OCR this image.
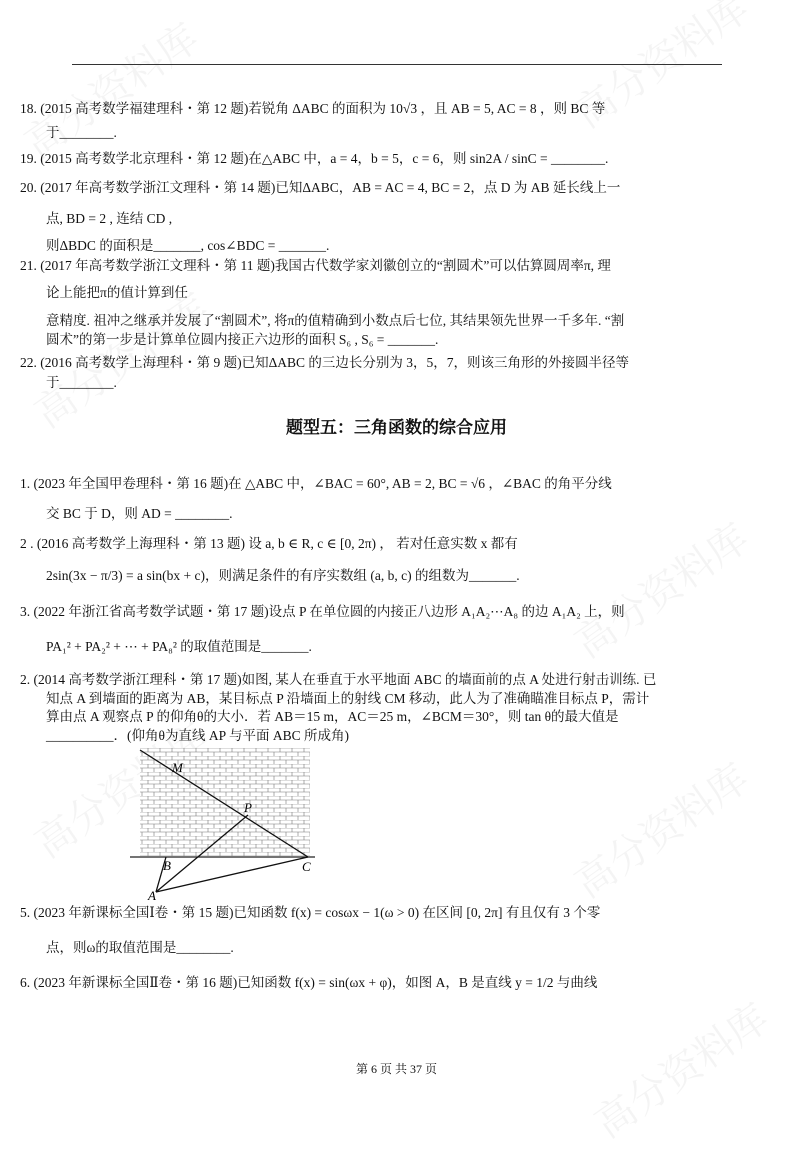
18. (2015 高考数学福建理科・第 12 题)若锐角 ΔABC 的面积为 10√3 ，且 AB = 5, AC = 8 ，则 BC 等
于________.
19. (2015 高考数学北京理科・第 12 题)在△ABC 中，a = 4，b = 5，c = 6，则 sin2A / sinC = ________.
20. (2017 年高考数学浙江文理科・第 14 题)已知ΔABC，AB = AC = 4, BC = 2，点 D 为 AB 延长线上一
点, BD = 2 , 连结 CD ,
则ΔBDC 的面积是_______, cos∠BDC = _______.
21. (2017 年高考数学浙江文理科・第 11 题)我国古代数学家刘徽创立的“割圆术”可以估算圆周率π, 理
论上能把π的值计算到任
意精度. 祖冲之继承并发展了“割圆术”, 将π的值精确到小数点后七位, 其结果领先世界一千多年. “割
圆术”的第一步是计算单位圆内接正六边形的面积 S₆ , S₆ = _______.
22. (2016 高考数学上海理科・第 9 题)已知ΔABC 的三边长分别为 3，5，7，则该三角形的外接圆半径等
于________.
题型五：三角函数的综合应用
1. (2023 年全国甲卷理科・第 16 题)在 △ABC 中，∠BAC = 60°, AB = 2, BC = √6 ，∠BAC 的角平分线
交 BC 于 D，则 AD = ________.
2 . (2016 高考数学上海理科・第 13 题) 设 a, b ∈ R, c ∈ [0, 2π) ， 若对任意实数 x 都有
2sin(3x − π/3) = a sin(bx + c)，则满足条件的有序实数组 (a, b, c) 的组数为_______.
3. (2022 年浙江省高考数学试题・第 17 题)设点 P 在单位圆的内接正八边形 A₁A₂⋯A₈ 的边 A₁A₂ 上，则
PA₁² + PA₂² + ⋯ + PA₈² 的取值范围是_______.
2. (2014 高考数学浙江理科・第 17 题)如图, 某人在垂直于水平地面 ABC 的墙面前的点 A 处进行射击训练. 已
知点 A 到墙面的距离为 AB，某目标点 P 沿墙面上的射线 CM 移动，此人为了准确瞄准目标点 P，需计
算由点 A 观察点 P 的仰角θ的大小．若 AB＝15 m，AC＝25 m，∠BCM＝30°，则 tan θ的最大值是
__________．(仰角θ为直线 AP 与平面 ABC 所成角)
M
P
B	C
A
5. (2023 年新课标全国Ⅰ卷・第 15 题)已知函数 f(x) = cosωx − 1(ω > 0) 在区间 [0, 2π] 有且仅有 3 个零
点，则ω的取值范围是________.
6. (2023 年新课标全国Ⅱ卷・第 16 题)已知函数 f(x) = sin(ωx + φ)，如图 A，B 是直线 y = 1/2 与曲线
第 6 页 共 37 页
